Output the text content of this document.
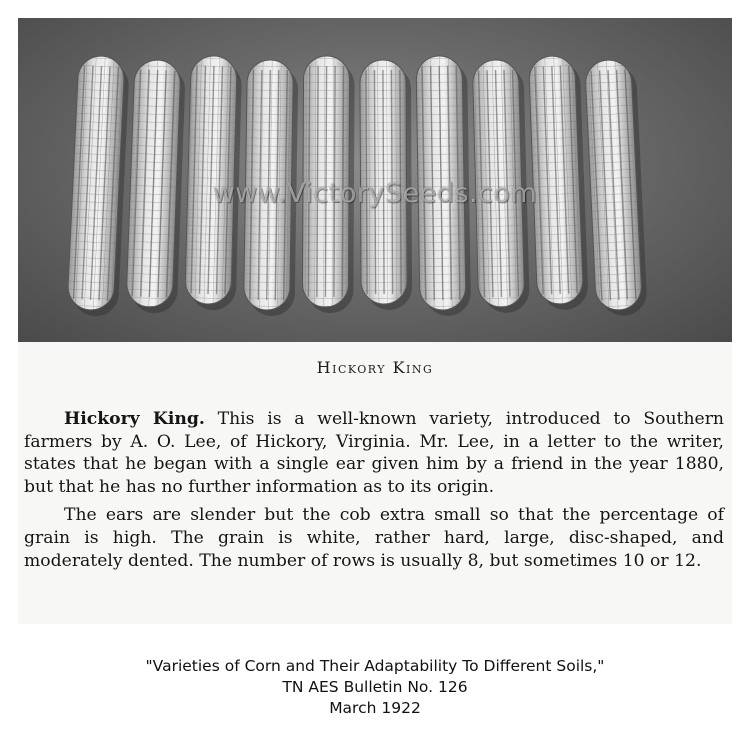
www.VictorySeeds.com
Hickory King

Hickory King. This is a well-known variety, introduced to Southern farmers by A. O. Lee, of Hickory, Virginia. Mr. Lee, in a letter to the writer, states that he began with a single ear given him by a friend in the year 1880, but that he has no further information as to its origin.

The ears are slender but the cob extra small so that the percentage of grain is high. The grain is white, rather hard, large, disc-shaped, and moderately dented. The number of rows is usually 8, but sometimes 10 or 12.

"Varieties of Corn and Their Adaptability To Different Soils,"
TN AES Bulletin No. 126
March 1922
